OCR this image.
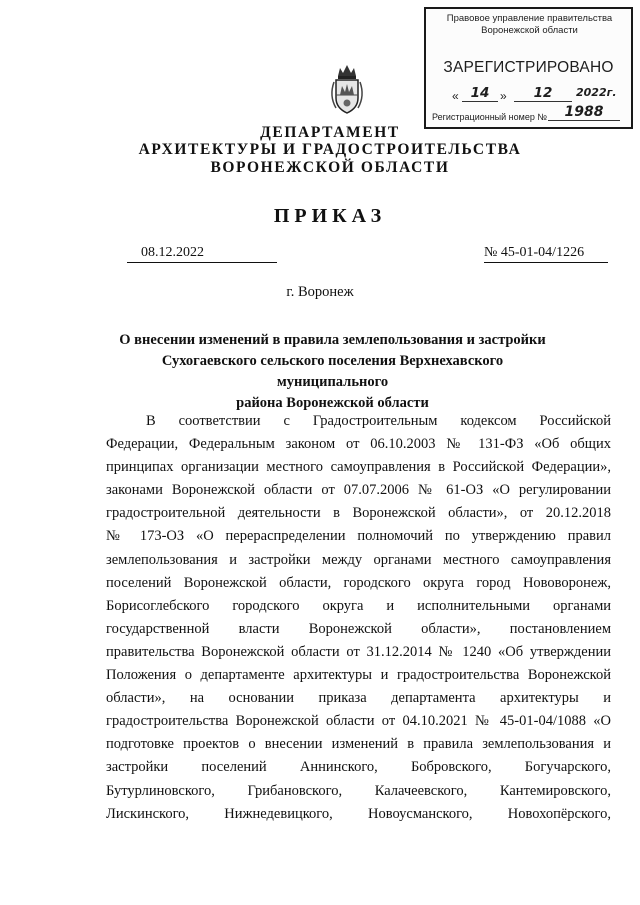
Правовое управление правительства
Воронежской области
ЗАРЕГИСТРИРОВАНО
« 14 »	12	2022г.
Регистрационный номер №	1988
ДЕПАРТАМЕНТ
АРХИТЕКТУРЫ И ГРАДОСТРОИТЕЛЬСТВА
ВОРОНЕЖСКОЙ ОБЛАСТИ
ПРИКАЗ
08.12.2022	№ 45-01-04/1226
г. Воронеж
О внесении изменений в правила землепользования и застройки
Сухогаевского сельского поселения Верхнехавского муниципального
района Воронежской области
В соответствии с Градостроительным кодексом Российской
Федерации, Федеральным законом от 06.10.2003 № 131-ФЗ «Об общих
принципах организации местного самоуправления в Российской Федерации»,
законами Воронежской области от 07.07.2006 № 61-ОЗ «О регулировании
градостроительной деятельности в Воронежской области», от 20.12.2018
№ 173-ОЗ «О перераспределении полномочий по утверждению правил
землепользования и застройки между органами местного самоуправления
поселений Воронежской области, городского округа город Нововоронеж,
Борисоглебского городского округа и исполнительными органами
государственной власти Воронежской области», постановлением
правительства Воронежской области от 31.12.2014 № 1240 «Об утверждении
Положения о департаменте архитектуры и градостроительства Воронежской
области», на основании приказа департамента архитектуры и
градостроительства Воронежской области от 04.10.2021 № 45-01-04/1088 «О
подготовке проектов о внесении изменений в правила землепользования и
застройки поселений Аннинского, Бобровского, Богучарского,
Бутурлиновского, Грибановского, Калачеевского, Кантемировского,
Лискинского, Нижнедевицкого, Новоусманского, Новохопёрского,
